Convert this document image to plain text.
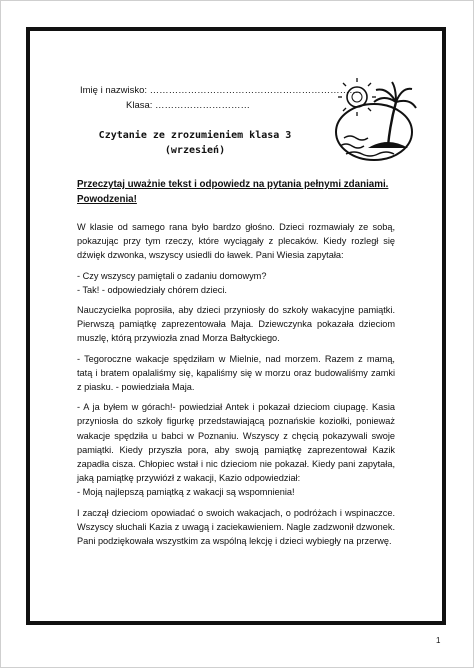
Imię i nazwisko: ………………………………………………………….
Klasa: …………………………
Czytanie ze zrozumieniem klasa 3
(wrzesień)
Przeczytaj uważnie tekst i odpowiedz na pytania pełnymi zdaniami. Powodzenia!

W klasie od samego rana było bardzo głośno. Dzieci rozmawiały ze sobą, pokazując przy tym rzeczy, które wyciągały z plecaków. Kiedy rozległ się dźwięk dzwonka, wszyscy usiedli do ławek. Pani Wiesia zapytała:

- Czy wszyscy pamiętali o zadaniu domowym?

- Tak! - odpowiedziały chórem dzieci.

Nauczycielka poprosiła, aby dzieci przyniosły do szkoły wakacyjne pamiątki. Pierwszą pamiątkę zaprezentowała Maja. Dziewczynka pokazała dzieciom muszlę, którą przywiozła znad Morza Bałtyckiego.

- Tegoroczne wakacje spędziłam w Mielnie, nad morzem. Razem z mamą, tatą i bratem opalaliśmy się, kąpaliśmy się w morzu oraz budowaliśmy zamki z piasku. - powiedziała Maja.

- A ja byłem w górach!- powiedział Antek i pokazał dzieciom ciupagę. Kasia przyniosła do szkoły figurkę przedstawiającą poznańskie koziołki, ponieważ wakacje spędziła u babci w Poznaniu. Wszyscy z chęcią pokazywali swoje pamiątki. Kiedy przyszła pora, aby swoją pamiątkę zaprezentował Kazik zapadła cisza. Chłopiec wstał i nic dzieciom nie pokazał. Kiedy pani zapytała, jaką pamiątkę przywiózł z wakacji, Kazio odpowiedział:

- Moją najlepszą pamiątką z wakacji są wspomnienia!

I zaczął dzieciom opowiadać o swoich wakacjach, o podróżach i wspinaczce. Wszyscy słuchali Kazia z uwagą i zaciekawieniem. Nagle zadzwonił dzwonek. Pani podziękowała wszystkim za wspólną lekcję i dzieci wybiegły na przerwę.

1
